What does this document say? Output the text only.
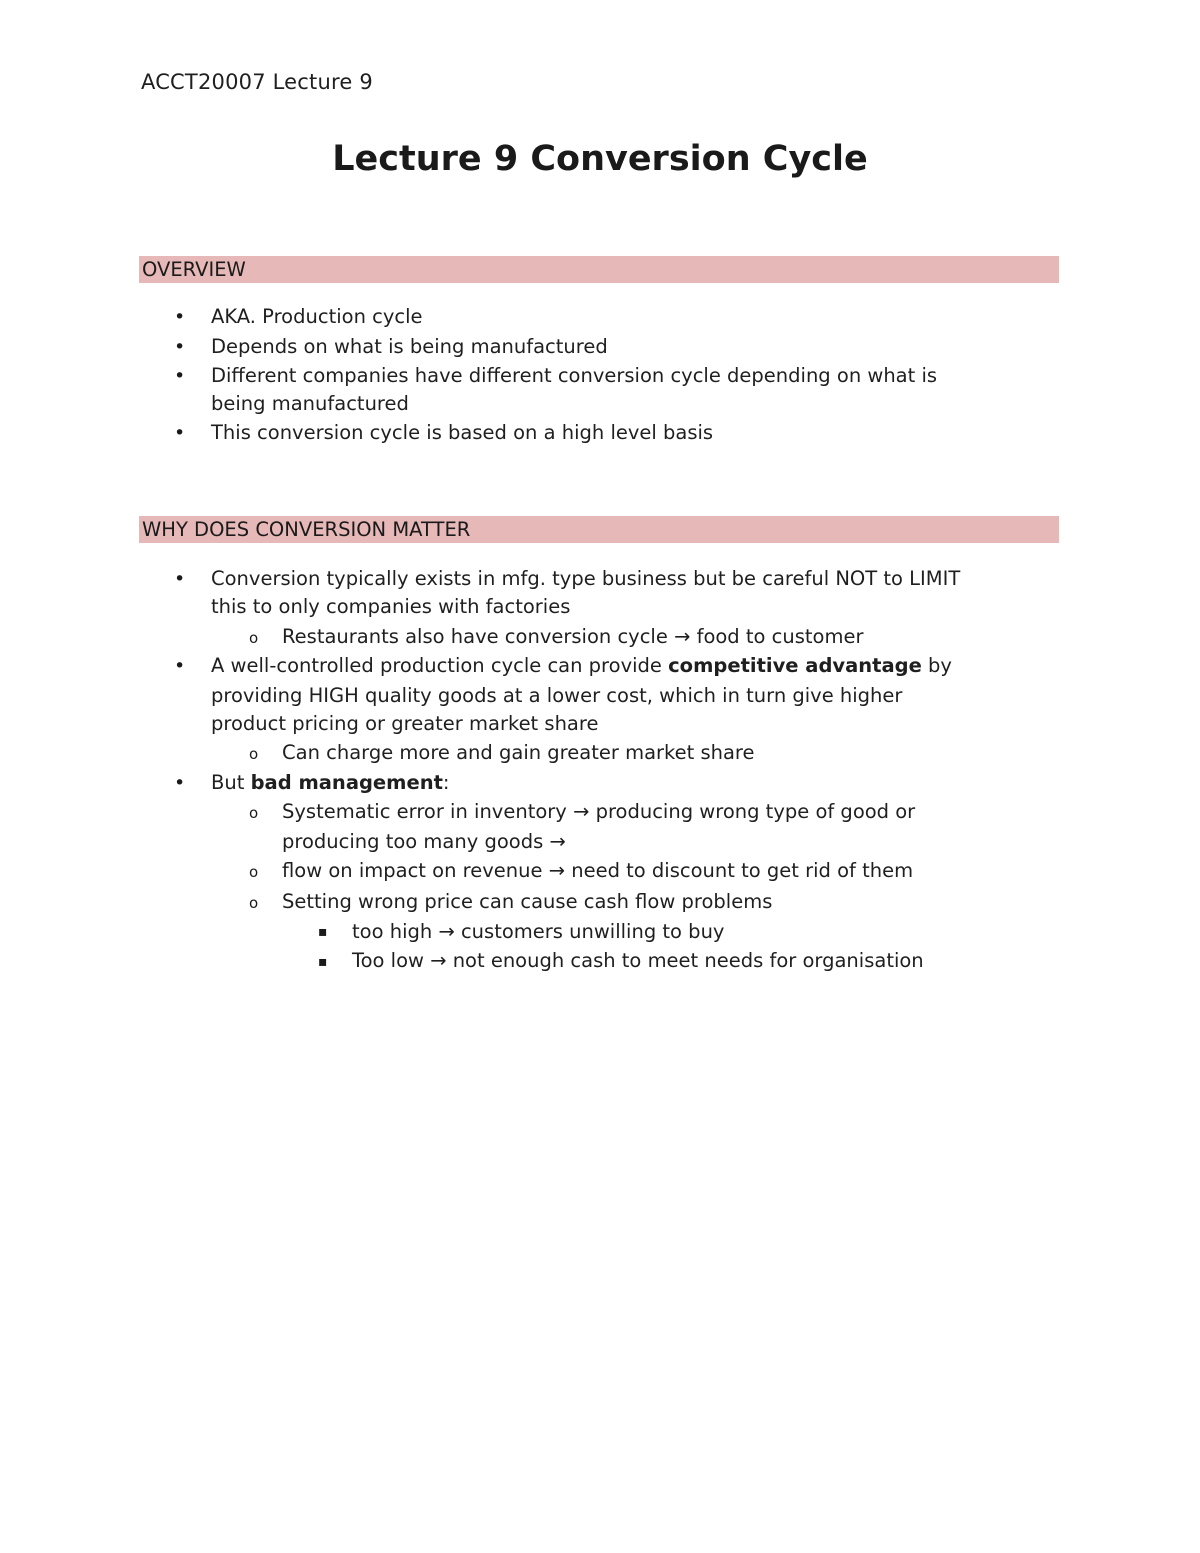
ACCT20007 Lecture 9
Lecture 9 Conversion Cycle
OVERVIEW
• AKA. Production cycle
• Depends on what is being manufactured
• Different companies have different conversion cycle depending on what is
being manufactured
• This conversion cycle is based on a high level basis
WHY DOES CONVERSION MATTER
• Conversion typically exists in mfg. type business but be careful NOT to LIMIT
this to only companies with factories
o Restaurants also have conversion cycle → food to customer
• A well-controlled production cycle can provide competitive advantage by
providing HIGH quality goods at a lower cost, which in turn give higher
product pricing or greater market share
o Can charge more and gain greater market share
• But bad management:
o Systematic error in inventory → producing wrong type of good or
producing too many goods →
o flow on impact on revenue → need to discount to get rid of them
o Setting wrong price can cause cash flow problems
▪ too high → customers unwilling to buy
▪ Too low → not enough cash to meet needs for organisation
